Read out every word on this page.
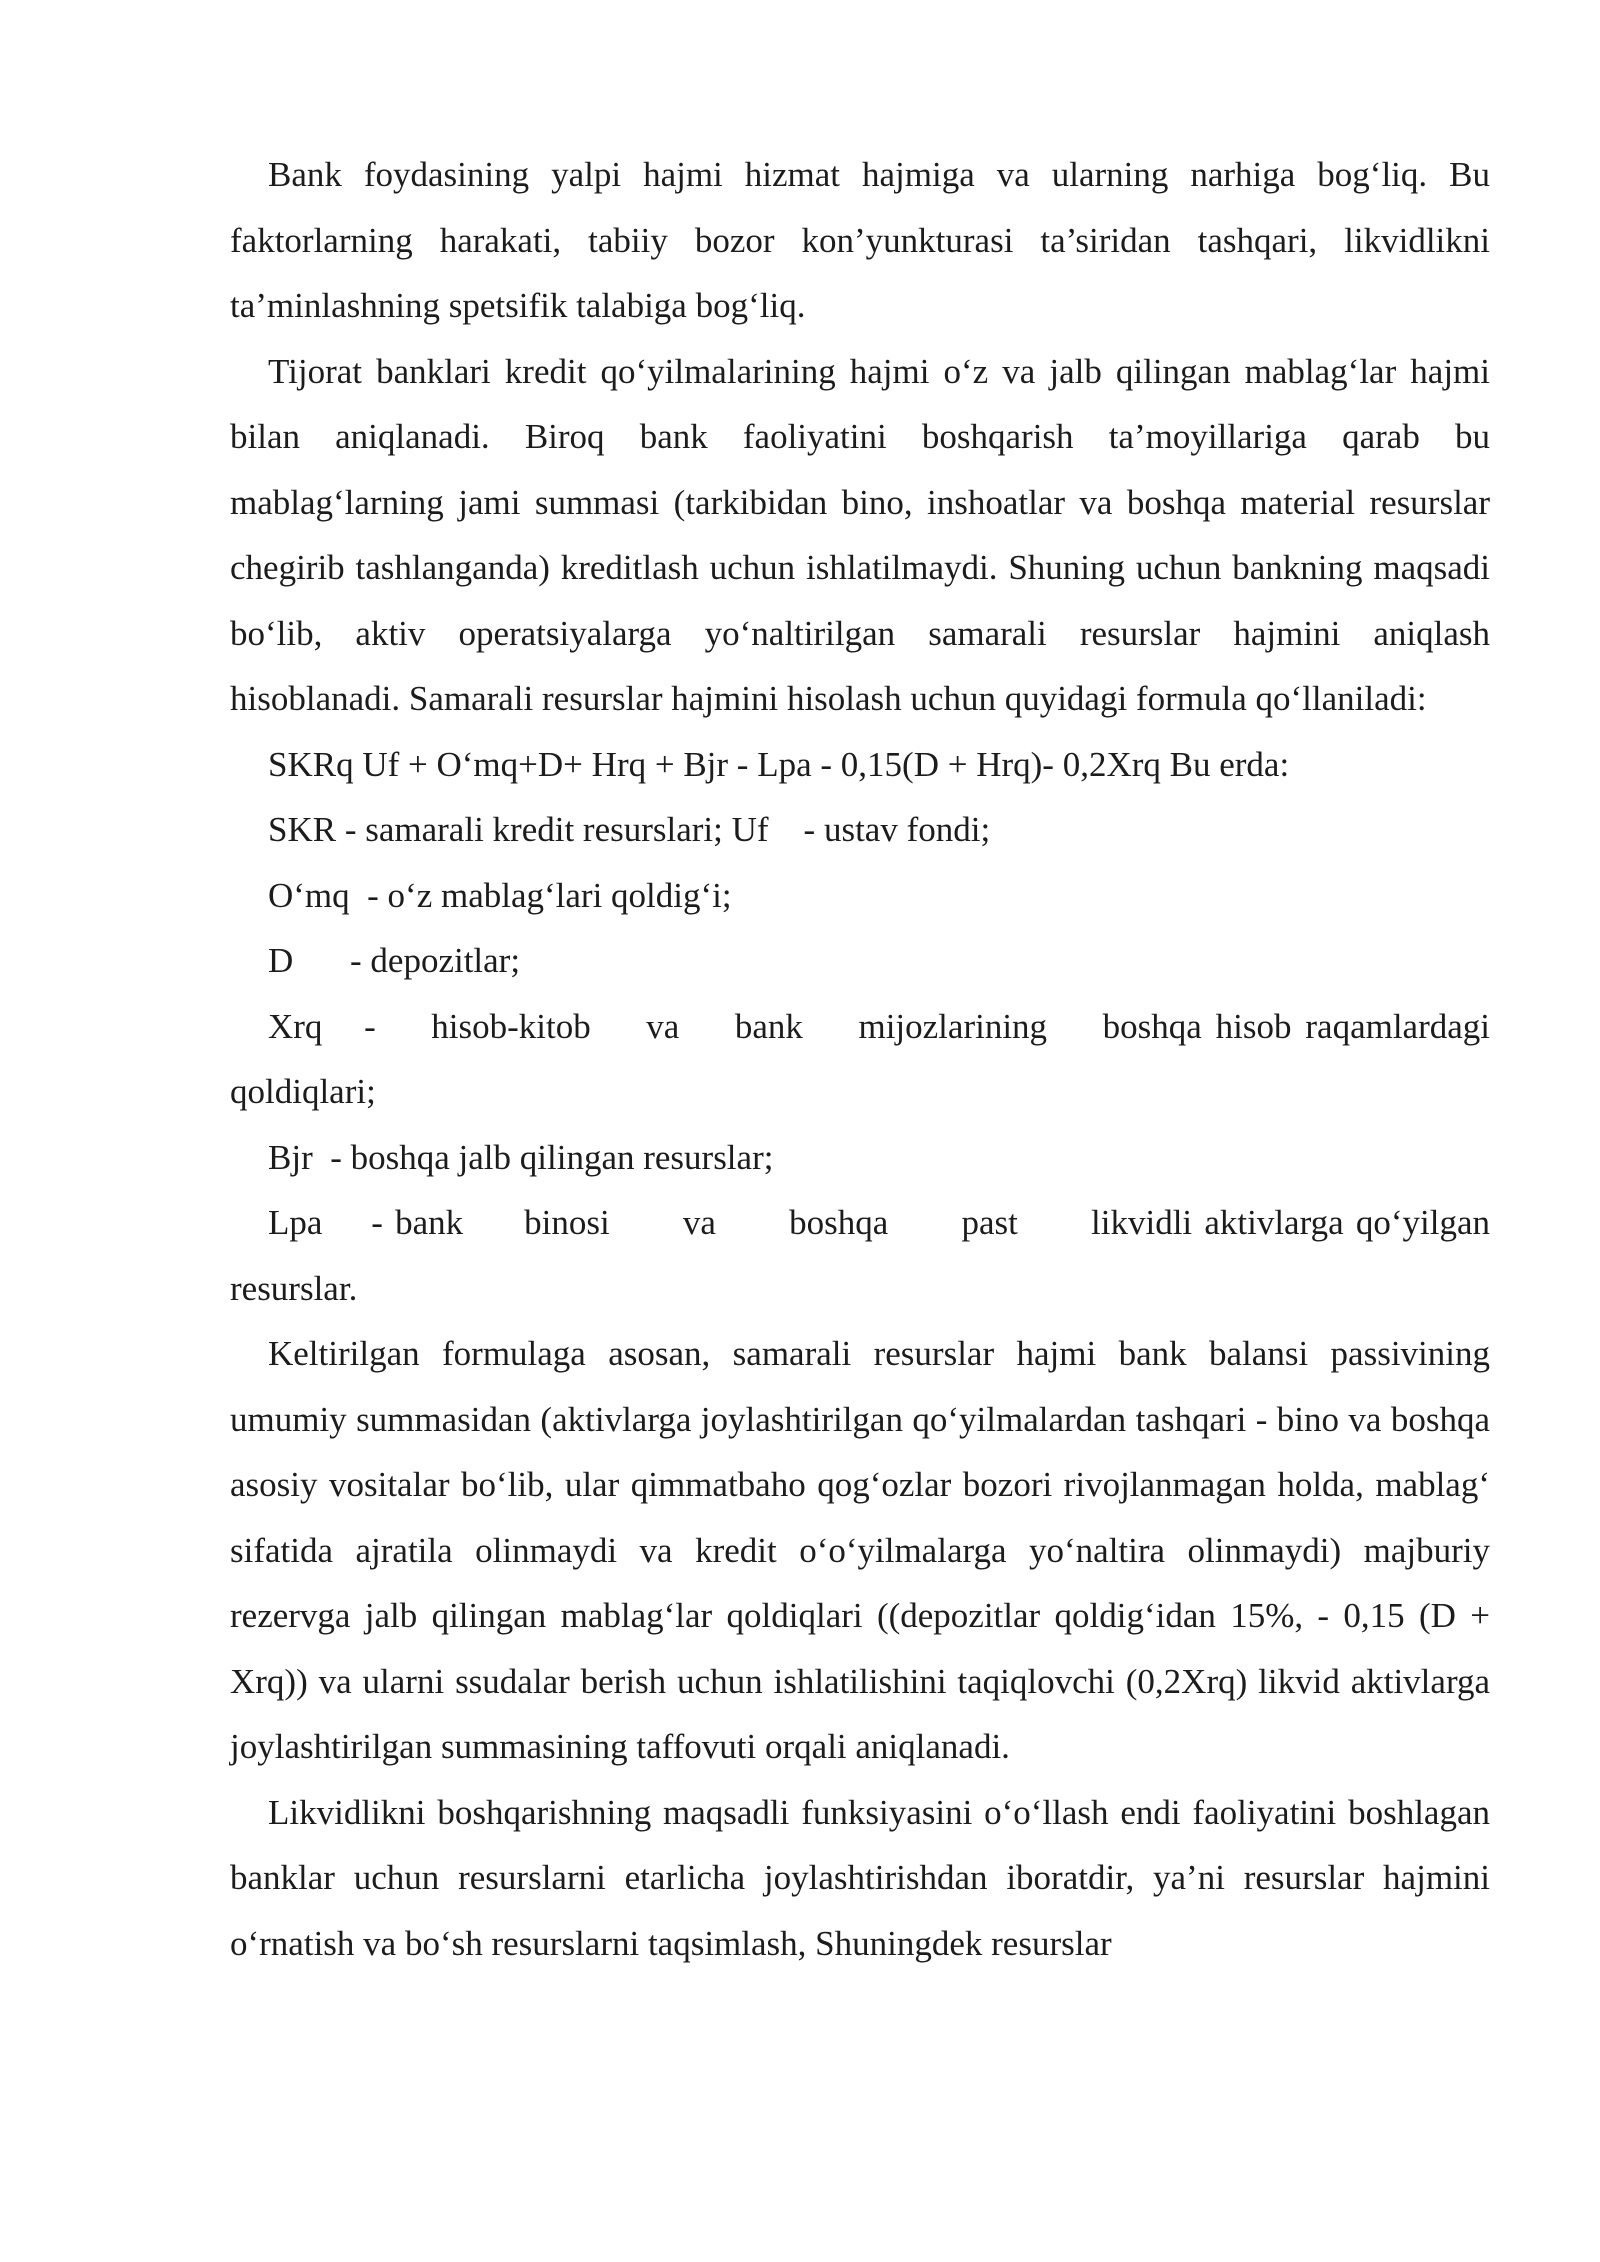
Bank foydasining yalpi hajmi hizmat hajmiga va ularning narhiga bog‘liq. Bu faktorlarning harakati, tabiiy bozor kon’yunkturasi ta’siridan tashqari, likvidlikni ta’minlashning spetsifik talabiga bog‘liq.

Tijorat banklari kredit qo‘yilmalarining hajmi o‘z va jalb qilingan mablag‘lar hajmi bilan aniqlanadi. Biroq bank faoliyatini boshqarish ta’moyillariga qarab bu mablag‘larning jami summasi (tarkibidan bino, inshoatlar va boshqa material resurslar chegirib tashlanganda) kreditlash uchun ishlatilmaydi. Shuning uchun bankning maqsadi bo‘lib, aktiv operatsiyalarga yo‘naltirilgan samarali resurslar hajmini aniqlash hisoblanadi. Samarali resurslar hajmini hisolash uchun quyidagi formula qo‘llaniladi:

SKRq Uf + O‘mq+D+ Hrq + Bjr - Lpa - 0,15(D + Hrq)- 0,2Xrq Bu erda:

SKR - samarali kredit resurslari; Uf    - ustav fondi;

O‘mq  - o‘z mablag‘lari qoldig‘i;

D - depozitlar;

Xrq   -    hisob-kitob    va    bank    mijozlarining    boshqa hisob raqamlardagi qoldiqlari;

Bjr  - boshqa jalb qilingan resurslar;

Lpa    - bank     binosi      va      boshqa      past      likvidli aktivlarga qo‘yilgan resurslar.

Keltirilgan formulaga asosan, samarali resurslar hajmi bank balansi passivining umumiy summasidan (aktivlarga joylashtirilgan qo‘yilmalardan tashqari - bino va boshqa asosiy vositalar bo‘lib, ular qimmatbaho qog‘ozlar bozori rivojlanmagan holda, mablag‘ sifatida ajratila olinmaydi va kredit o‘o‘yilmalarga yo‘naltira olinmaydi) majburiy rezervga jalb qilingan mablag‘lar qoldiqlari ((depozitlar qoldig‘idan 15%, - 0,15 (D + Xrq)) va ularni ssudalar berish uchun ishlatilishini taqiqlovchi (0,2Xrq) likvid aktivlarga joylashtirilgan summasining taffovuti orqali aniqlanadi.

Likvidlikni boshqarishning maqsadli funksiyasini o‘o‘llash endi faoliyatini boshlagan banklar uchun resurslarni etarlicha joylashtirishdan iboratdir, ya’ni resurslar hajmini o‘rnatish va bo‘sh resurslarni taqsimlash, Shuningdek resurslar
